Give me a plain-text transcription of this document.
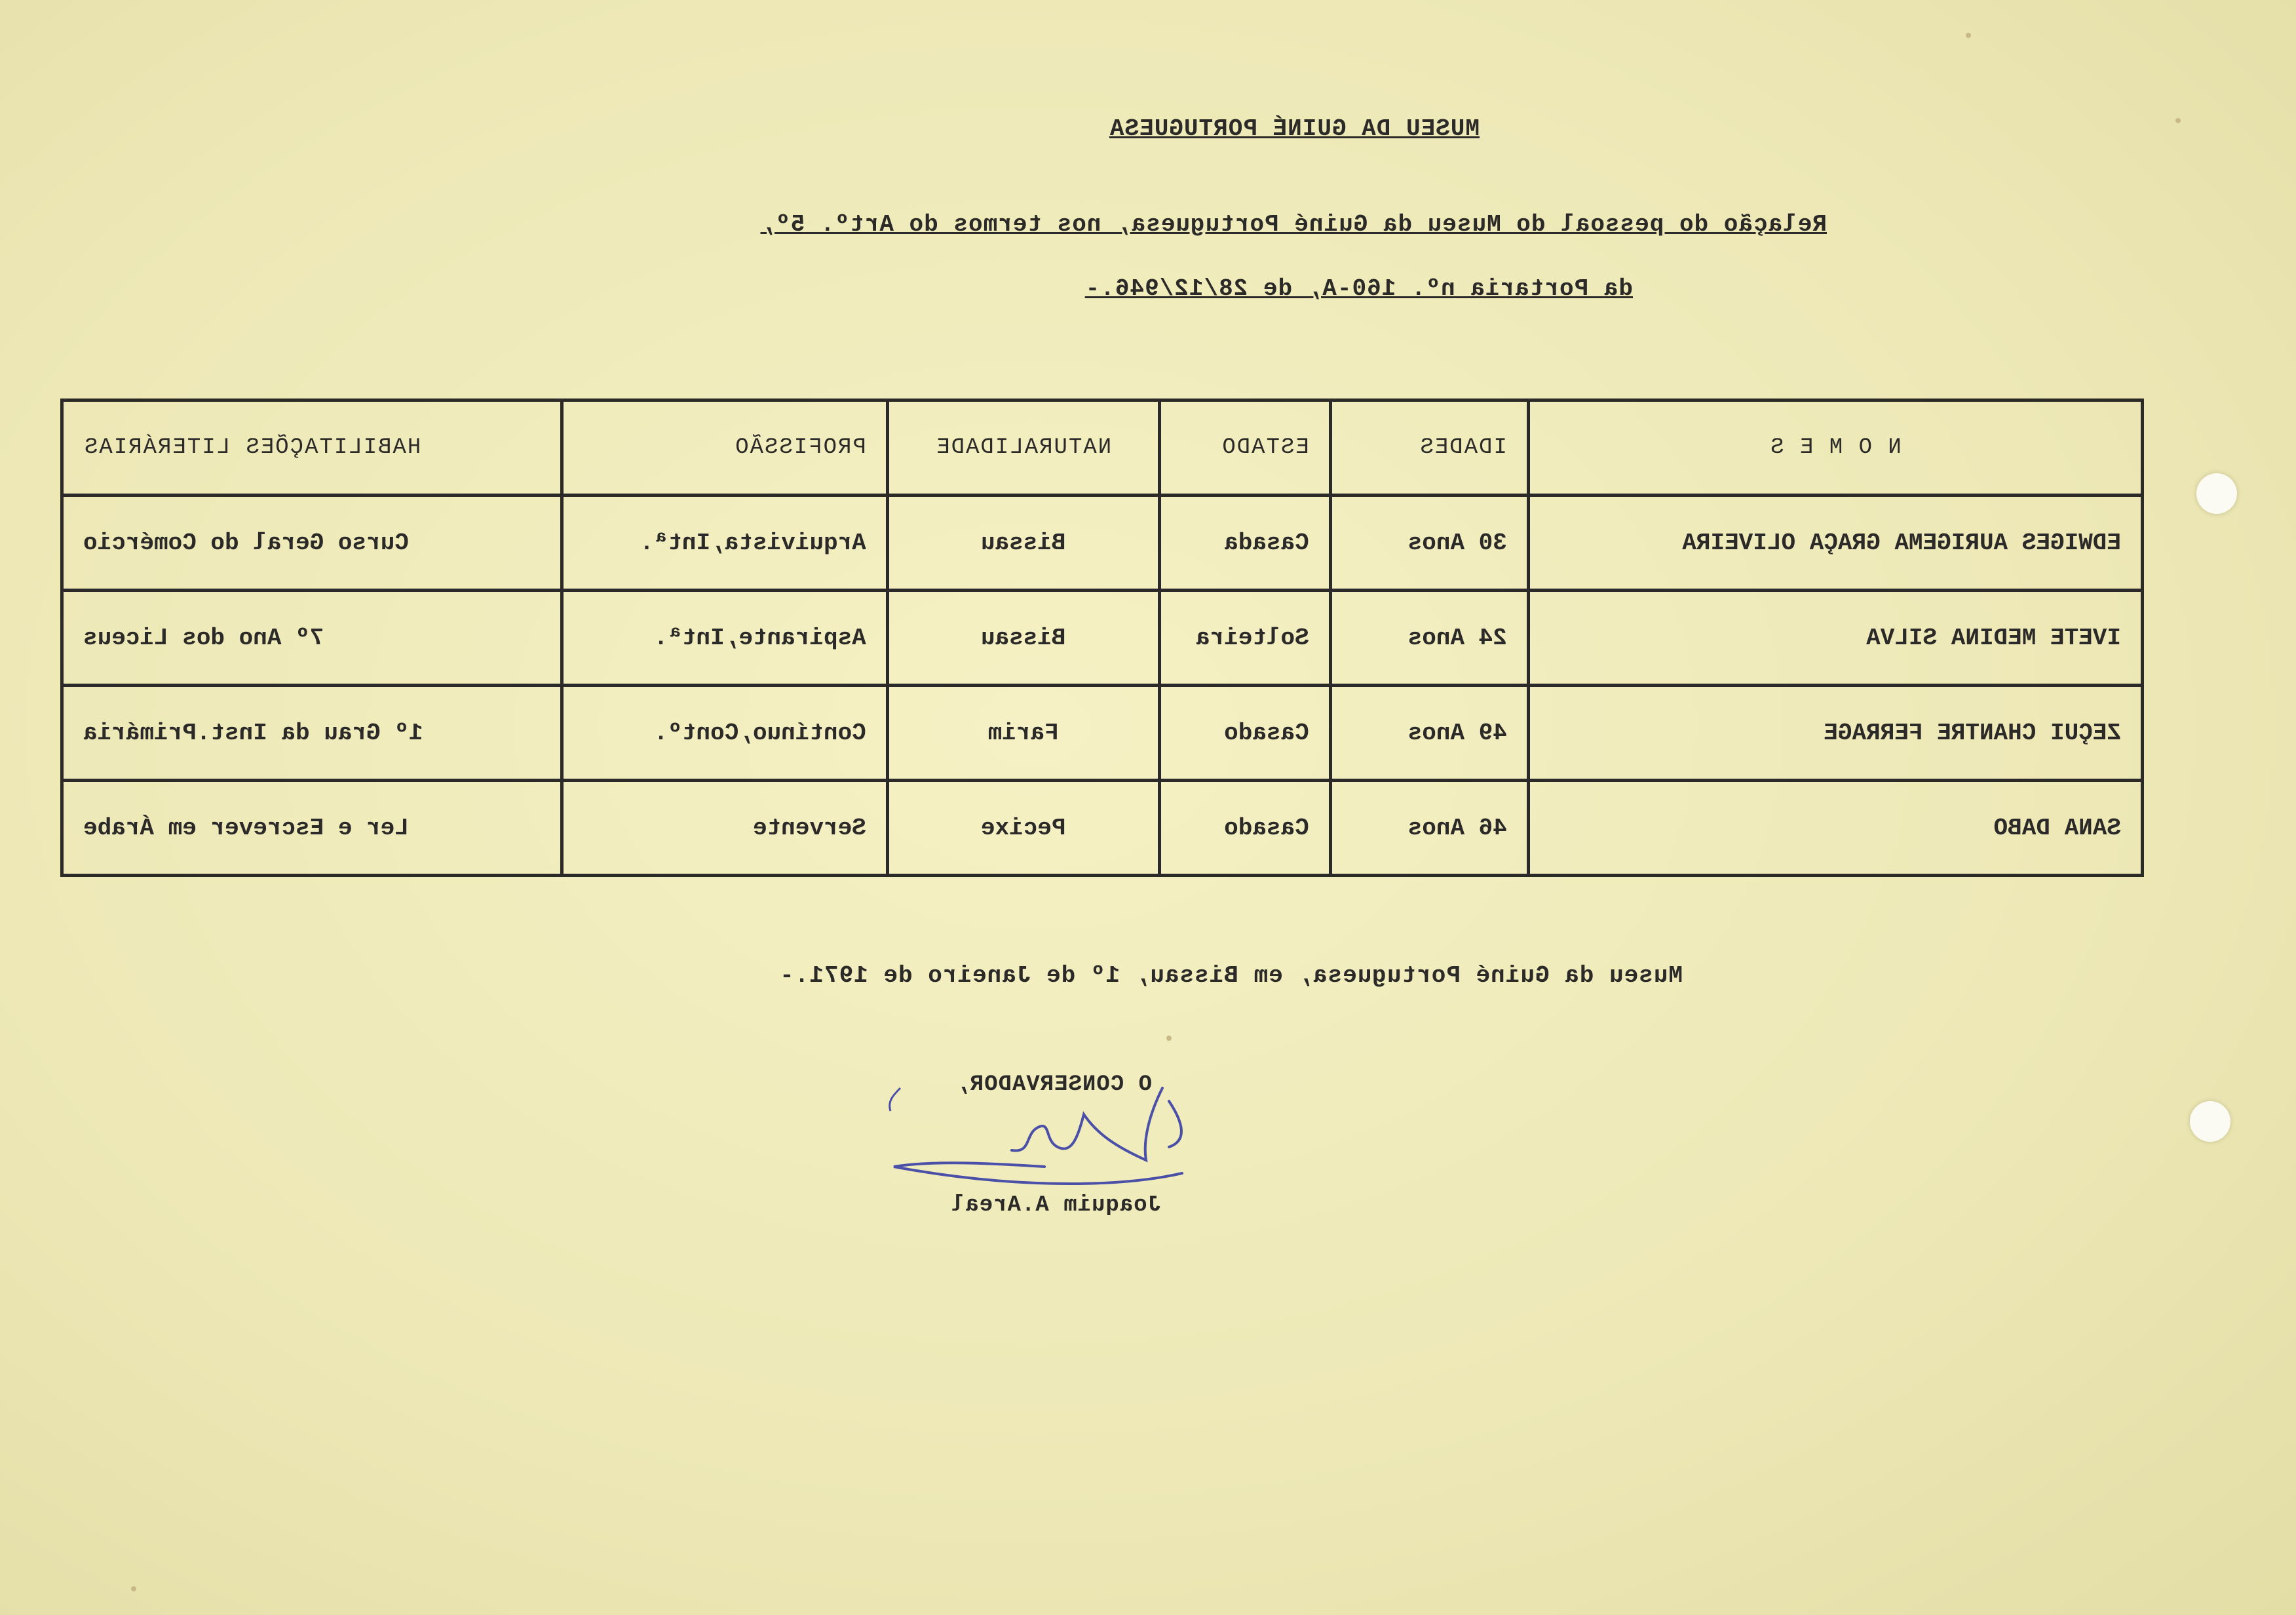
MUSEU DA GUINÉ PORTUGUESA
Relação do pessoal do Museu da Guiné Portuguesa, nos termos do Artº. 5º,
da Portaria nº. 160-A, de 28/12/946.-
N O M E S	IDADES	ESTADO	NATURALIDADE	PROFISSÃO	HABILITAÇÕES LITERÁRIAS
EDWIGES AURIGEMA GRAÇA OLIVEIRA	30 Anos	Casada	Bissau	Arquivista,Intª.	Curso Geral do Comércio
IVETE MEDINA SILVA	24 Anos	Solteira	Bissau	Aspirante,Intª.	7º Ano dos Liceus
ZEÇUI CHANTRE FERRAGE	49 Anos	Casado	Farim	Contínuo,Contº.	1º Grau da Inst.Primária
SANA DABO	46 Anos	Casado	Pecixe	Servente	Ler e Escrever em Árabe
Museu da Guiné Portuguesa, em Bissau, 1º de Janeiro de 1971.-
O CONSERVADOR,
Joaquim A.Areal
